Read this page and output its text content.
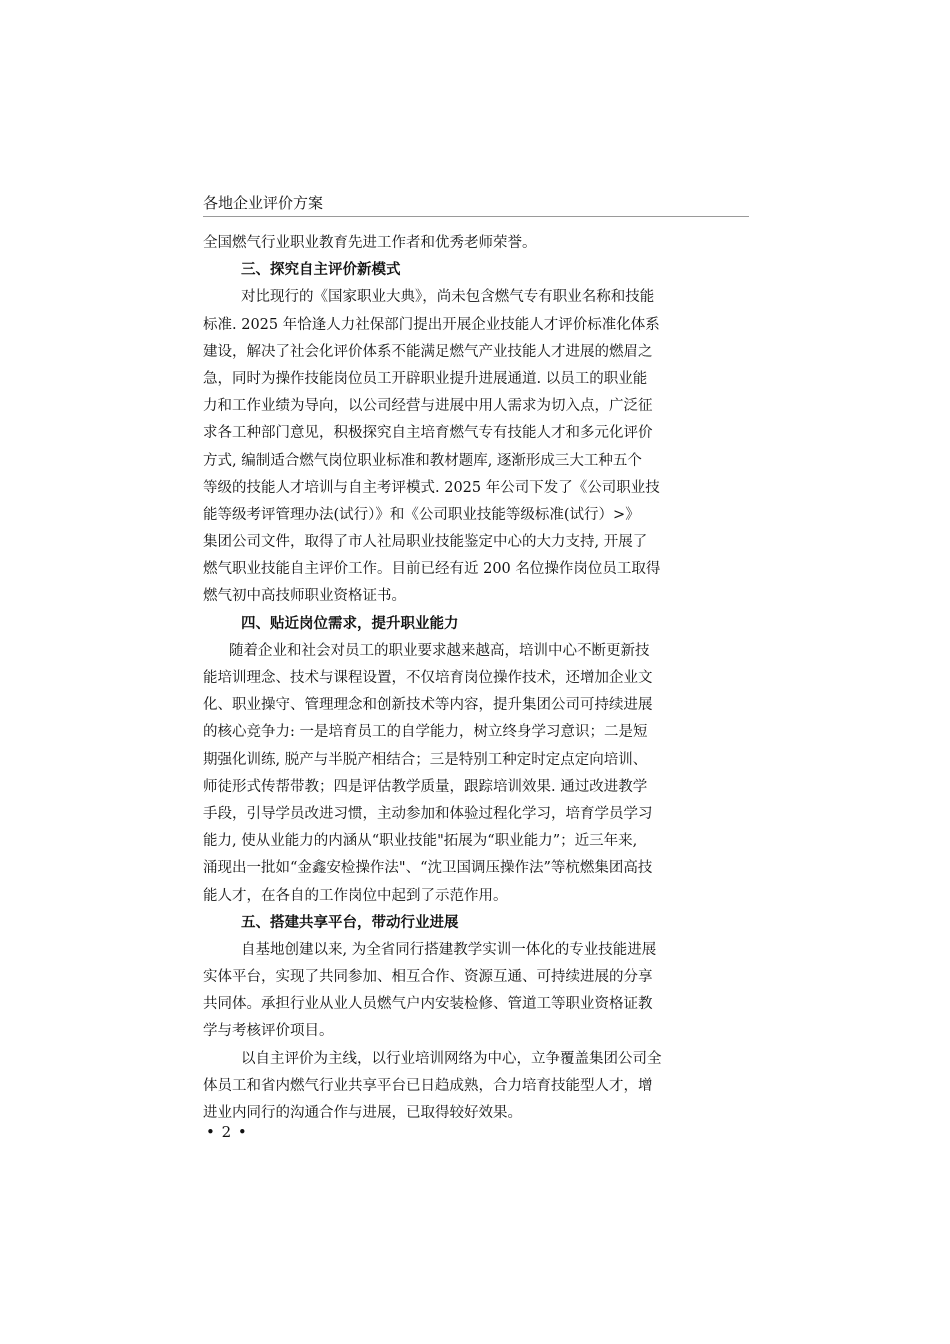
各地企业评价方案
全国燃气行业职业教育先进工作者和优秀老师荣誉。
三、探究自主评价新模式
对比现行的《国家职业大典》，尚未包含燃气专有职业名称和技能
标准. 2025 年恰逢人力社保部门提出开展企业技能人才评价标准化体系
建设，解决了社会化评价体系不能满足燃气产业技能人才进展的燃眉之
急，同时为操作技能岗位员工开辟职业提升进展通道. 以员工的职业能
力和工作业绩为导向，以公司经营与进展中用人需求为切入点，广泛征
求各工种部门意见，积极探究自主培育燃气专有技能人才和多元化评价
方式, 编制适合燃气岗位职业标准和教材题库, 逐渐形成三大工种五个
等级的技能人才培训与自主考评模式. 2025 年公司下发了《公司职业技
能等级考评管理办法(试行）》和《公司职业技能等级标准(试行）>》
集团公司文件，取得了市人社局职业技能鉴定中心的大力支持, 开展了
燃气职业技能自主评价工作。目前已经有近 200 名位操作岗位员工取得
燃气初中高技师职业资格证书。
四、贴近岗位需求，提升职业能力
随着企业和社会对员工的职业要求越来越高，培训中心不断更新技
能培训理念、技术与课程设置，不仅培育岗位操作技术，还增加企业文
化、职业操守、管理理念和创新技术等内容，提升集团公司可持续进展
的核心竞争力: 一是培育员工的自学能力，树立终身学习意识；二是短
期强化训练, 脱产与半脱产相结合；三是特别工种定时定点定向培训、
师徒形式传帮带教；四是评估教学质量，跟踪培训效果. 通过改进教学
手段，引导学员改进习惯，主动参加和体验过程化学习，培育学员学习
能力, 使从业能力的内涵从“职业技能"拓展为“职业能力”；近三年来,
涌现出一批如“金鑫安检操作法"、“沈卫国调压操作法”等杭燃集团高技
能人才，在各自的工作岗位中起到了示范作用。
五、搭建共享平台，带动行业进展
自基地创建以来, 为全省同行搭建教学实训一体化的专业技能进展
实体平台，实现了共同参加、相互合作、资源互通、可持续进展的分享
共同体。承担行业从业人员燃气户内安装检修、管道工等职业资格证教
学与考核评价项目。
以自主评价为主线，以行业培训网络为中心，立争覆盖集团公司全
体员工和省内燃气行业共享平台已日趋成熟，合力培育技能型人才，增
进业内同行的沟通合作与进展，已取得较好效果。
• 2 •
